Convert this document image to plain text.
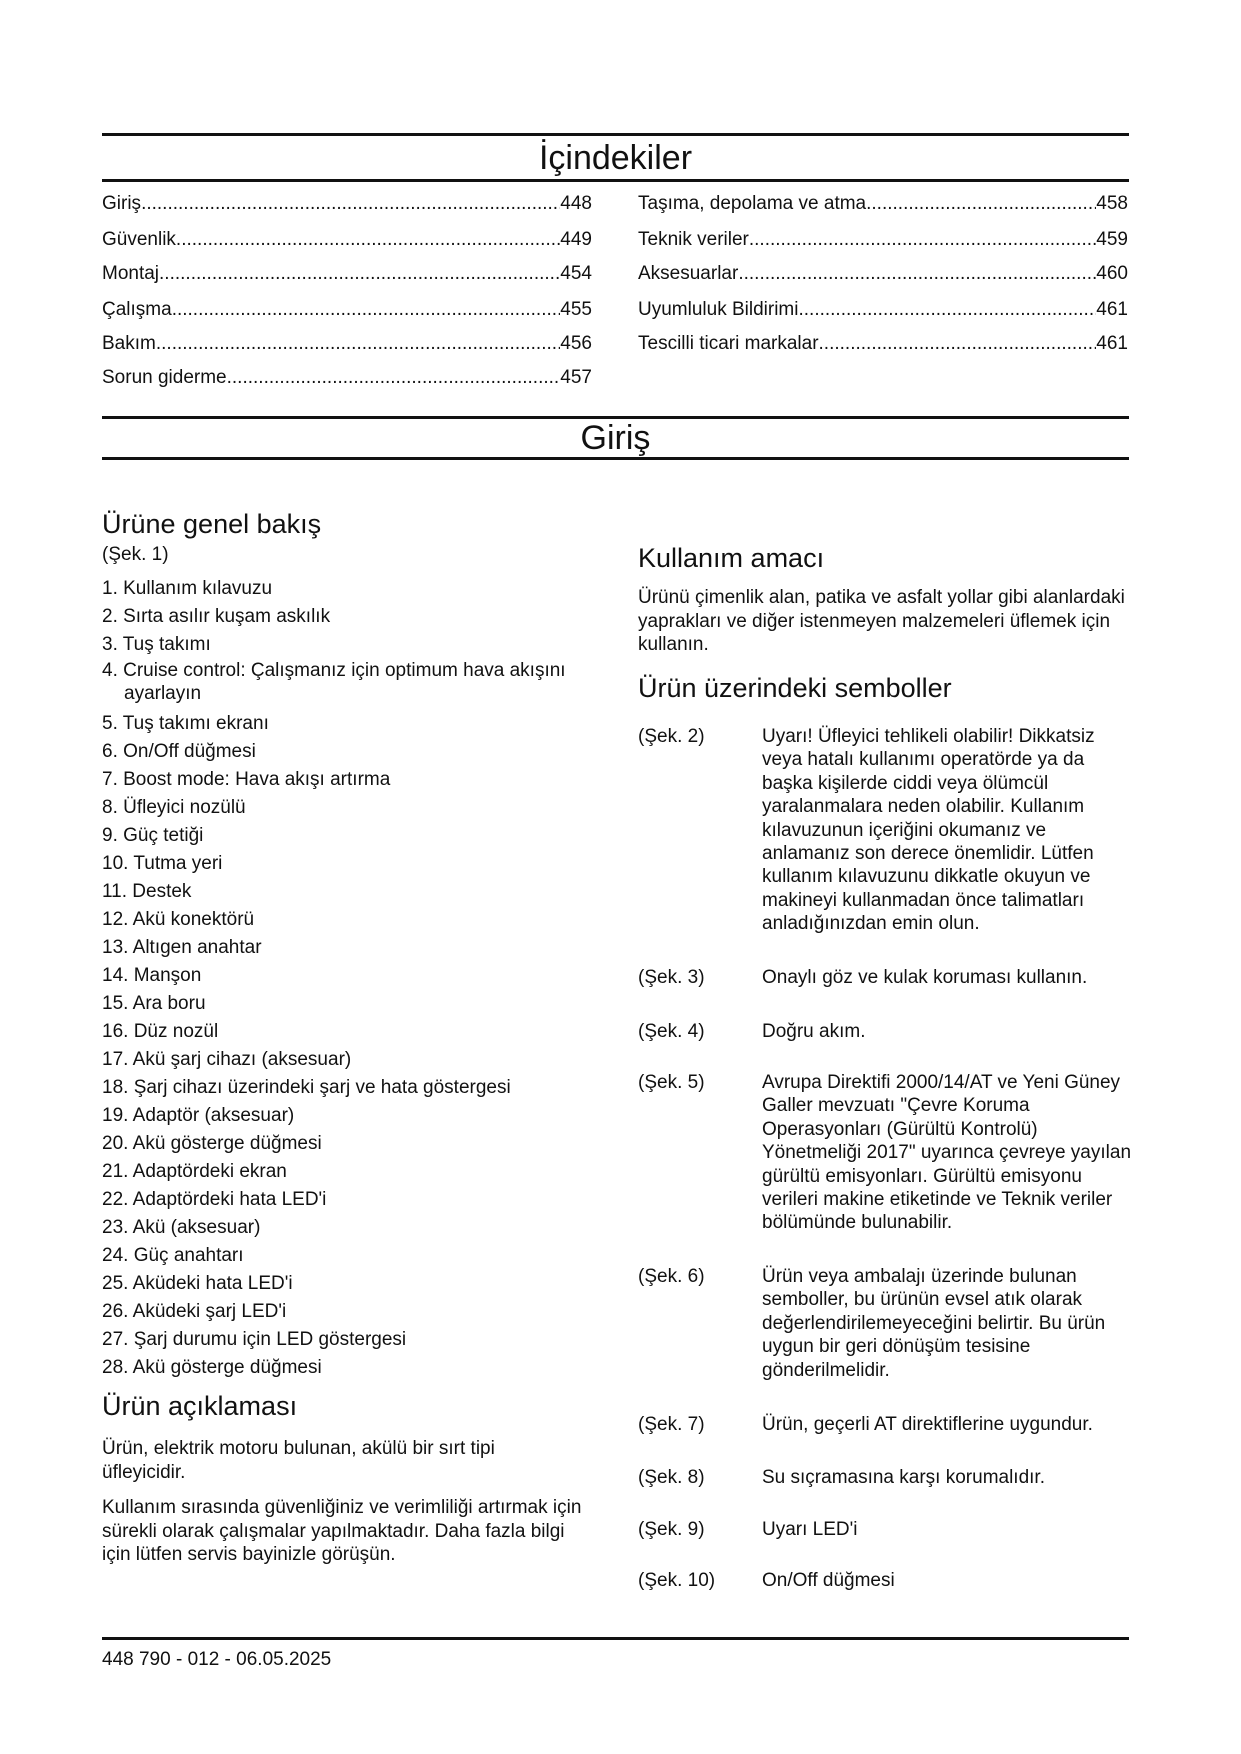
İçindekiler
Giriş .....	448
Güvenlik .....	449
Montaj .....	454
Çalışma .....	455
Bakım .....	456
Sorun giderme .....	457
Taşıma, depolama ve atma .....	458
Teknik veriler .....	459
Aksesuarlar .....	460
Uyumluluk Bildirimi .....	461
Tescilli ticari markalar .....	461
Giriş
Ürüne genel bakış
(Şek. 1)
1. Kullanım kılavuzu
2. Sırta asılır kuşam askılık
3. Tuş takımı
4. Cruise control: Çalışmanız için optimum hava akışını ayarlayın
5. Tuş takımı ekranı
6. On/Off düğmesi
7. Boost mode: Hava akışı artırma
8. Üfleyici nozülü
9. Güç tetiği
10. Tutma yeri
11. Destek
12. Akü konektörü
13. Altıgen anahtar
14. Manşon
15. Ara boru
16. Düz nozül
17. Akü şarj cihazı (aksesuar)
18. Şarj cihazı üzerindeki şarj ve hata göstergesi
19. Adaptör (aksesuar)
20. Akü gösterge düğmesi
21. Adaptördeki ekran
22. Adaptördeki hata LED'i
23. Akü (aksesuar)
24. Güç anahtarı
25. Aküdeki hata LED'i
26. Aküdeki şarj LED'i
27. Şarj durumu için LED göstergesi
28. Akü gösterge düğmesi
Ürün açıklaması
Ürün, elektrik motoru bulunan, akülü bir sırt tipi üfleyicidir.
Kullanım sırasında güvenliğiniz ve verimliliği artırmak için sürekli olarak çalışmalar yapılmaktadır. Daha fazla bilgi için lütfen servis bayinizle görüşün.
Kullanım amacı
Ürünü çimenlik alan, patika ve asfalt yollar gibi alanlardaki yaprakları ve diğer istenmeyen malzemeleri üflemek için kullanın.
Ürün üzerindeki semboller
(Şek. 2)	Uyarı! Üfleyici tehlikeli olabilir! Dikkatsiz veya hatalı kullanımı operatörde ya da başka kişilerde ciddi veya ölümcül yaralanmalara neden olabilir. Kullanım kılavuzunun içeriğini okumanız ve anlamanız son derece önemlidir. Lütfen kullanım kılavuzunu dikkatle okuyun ve makineyi kullanmadan önce talimatları anladığınızdan emin olun.
(Şek. 3)	Onaylı göz ve kulak koruması kullanın.
(Şek. 4)	Doğru akım.
(Şek. 5)	Avrupa Direktifi 2000/14/AT ve Yeni Güney Galler mevzuatı "Çevre Koruma Operasyonları (Gürültü Kontrolü) Yönetmeliği 2017" uyarınca çevreye yayılan gürültü emisyonları. Gürültü emisyonu verileri makine etiketinde ve Teknik veriler bölümünde bulunabilir.
(Şek. 6)	Ürün veya ambalajı üzerinde bulunan semboller, bu ürünün evsel atık olarak değerlendirilemeyeceğini belirtir. Bu ürün uygun bir geri dönüşüm tesisine gönderilmelidir.
(Şek. 7)	Ürün, geçerli AT direktiflerine uygundur.
(Şek. 8)	Su sıçramasına karşı korumalıdır.
(Şek. 9)	Uyarı LED'i
(Şek. 10) On/Off düğmesi
448 790 - 012 - 06.05.2025
